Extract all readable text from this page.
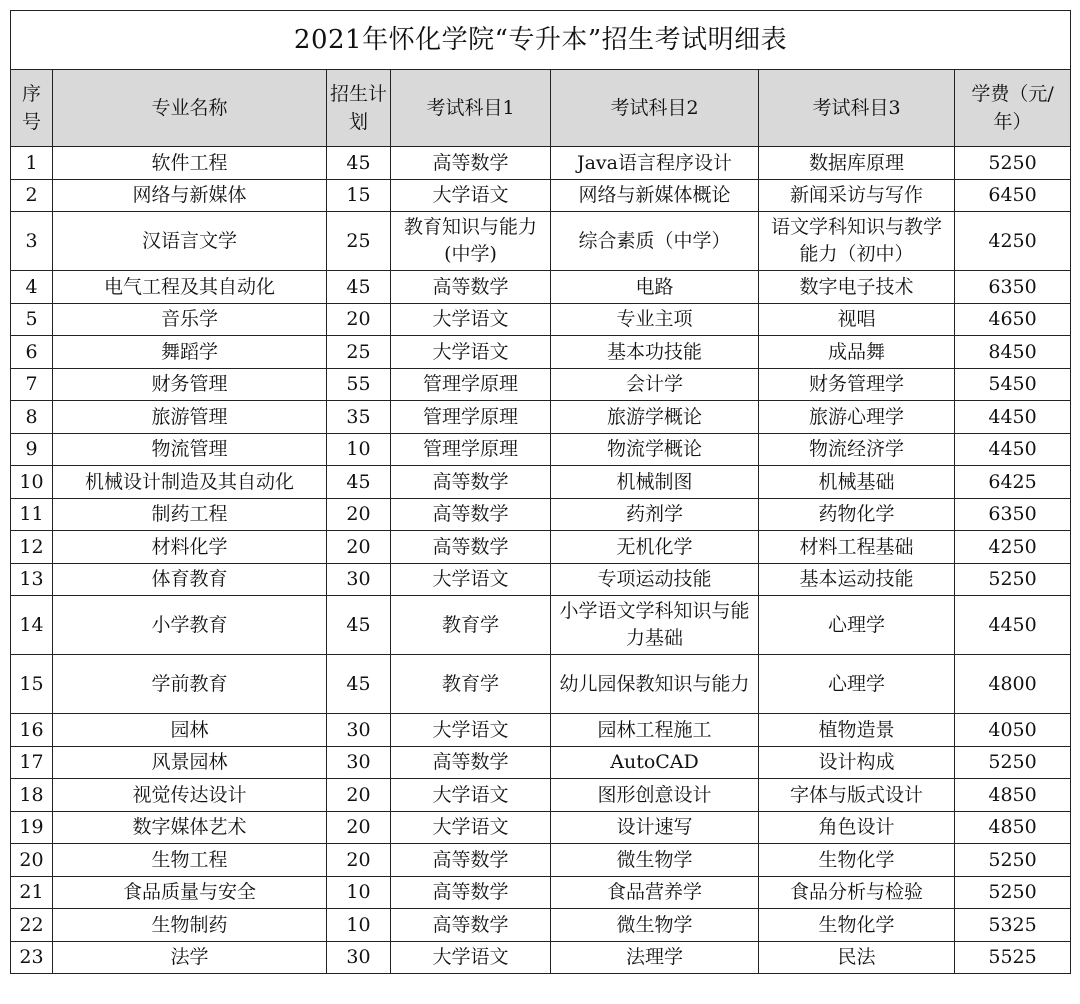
2021年怀化学院“专升本”招生考试明细表						
序号	专业名称	招生计划	考试科目1	考试科目2	考试科目3	学费（元/年）
1	软件工程	45	高等数学	Java语言程序设计	数据库原理	5250
2	网络与新媒体	15	大学语文	网络与新媒体概论	新闻采访与写作	6450
3	汉语言文学	25	教育知识与能力(中学)	综合素质（中学）	语文学科知识与教学能力（初中）	4250
4	电气工程及其自动化	45	高等数学	电路	数字电子技术	6350
5	音乐学	20	大学语文	专业主项	视唱	4650
6	舞蹈学	25	大学语文	基本功技能	成品舞	8450
7	财务管理	55	管理学原理	会计学	财务管理学	5450
8	旅游管理	35	管理学原理	旅游学概论	旅游心理学	4450
9	物流管理	10	管理学原理	物流学概论	物流经济学	4450
10	机械设计制造及其自动化	45	高等数学	机械制图	机械基础	6425
11	制药工程	20	高等数学	药剂学	药物化学	6350
12	材料化学	20	高等数学	无机化学	材料工程基础	4250
13	体育教育	30	大学语文	专项运动技能	基本运动技能	5250
14	小学教育	45	教育学	小学语文学科知识与能力基础	心理学	4450
15	学前教育	45	教育学	幼儿园保教知识与能力	心理学	4800
16	园林	30	大学语文	园林工程施工	植物造景	4050
17	风景园林	30	高等数学	AutoCAD	设计构成	5250
18	视觉传达设计	20	大学语文	图形创意设计	字体与版式设计	4850
19	数字媒体艺术	20	大学语文	设计速写	角色设计	4850
20	生物工程	20	高等数学	微生物学	生物化学	5250
21	食品质量与安全	10	高等数学	食品营养学	食品分析与检验	5250
22	生物制药	10	高等数学	微生物学	生物化学	5325
23	法学	30	大学语文	法理学	民法	5525
